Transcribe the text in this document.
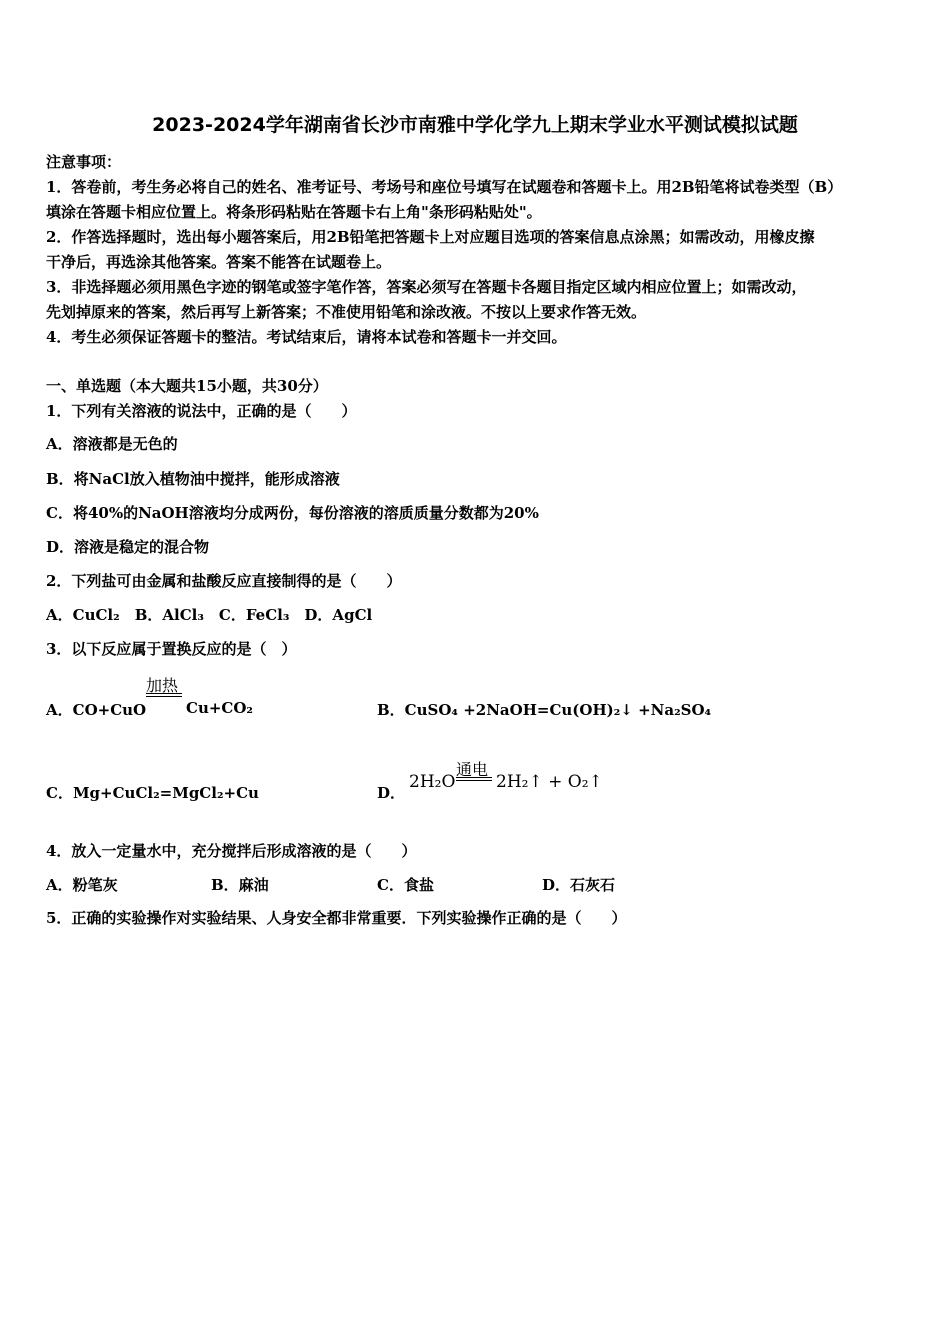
2023-2024学年湖南省长沙市南雅中学化学九上期末学业水平测试模拟试题
注意事项：
1．答卷前，考生务必将自己的姓名、准考证号、考场号和座位号填写在试题卷和答题卡上。用2B铅笔将试卷类型（B）
填涂在答题卡相应位置上。将条形码粘贴在答题卡右上角"条形码粘贴处"。
2．作答选择题时，选出每小题答案后，用2B铅笔把答题卡上对应题目选项的答案信息点涂黑；如需改动，用橡皮擦
干净后，再选涂其他答案。答案不能答在试题卷上。
3．非选择题必须用黑色字迹的钢笔或签字笔作答，答案必须写在答题卡各题目指定区域内相应位置上；如需改动，
先划掉原来的答案，然后再写上新答案；不准使用铅笔和涂改液。不按以上要求作答无效。
4．考生必须保证答题卡的整洁。考试结束后，请将本试卷和答题卡一并交回。
一、单选题（本大题共15小题，共30分）
1．下列有关溶液的说法中，正确的是（　　）
A．溶液都是无色的
B．将NaCl放入植物油中搅拌，能形成溶液
C．将40%的NaOH溶液均分成两份，每份溶液的溶质质量分数都为20%
D．溶液是稳定的混合物
2．下列盐可由金属和盐酸反应直接制得的是（　　）
A．CuCl₂　B．AlCl₃　C．FeCl₃　D．AgCl
3．以下反应属于置换反应的是（　）
A．CO+CuO
加热
Cu+CO₂	B．CuSO₄ +2NaOH=Cu(OH)₂↓ +Na₂SO₄
C．Mg+CuCl₂=MgCl₂+Cu	D．
2H₂O
通电
2H₂↑ + O₂↑
4．放入一定量水中，充分搅拌后形成溶液的是（　　）
A．粉笔灰	B．麻油	C．食盐	D．石灰石
5．正确的实验操作对实验结果、人身安全都非常重要．下列实验操作正确的是（　　）
